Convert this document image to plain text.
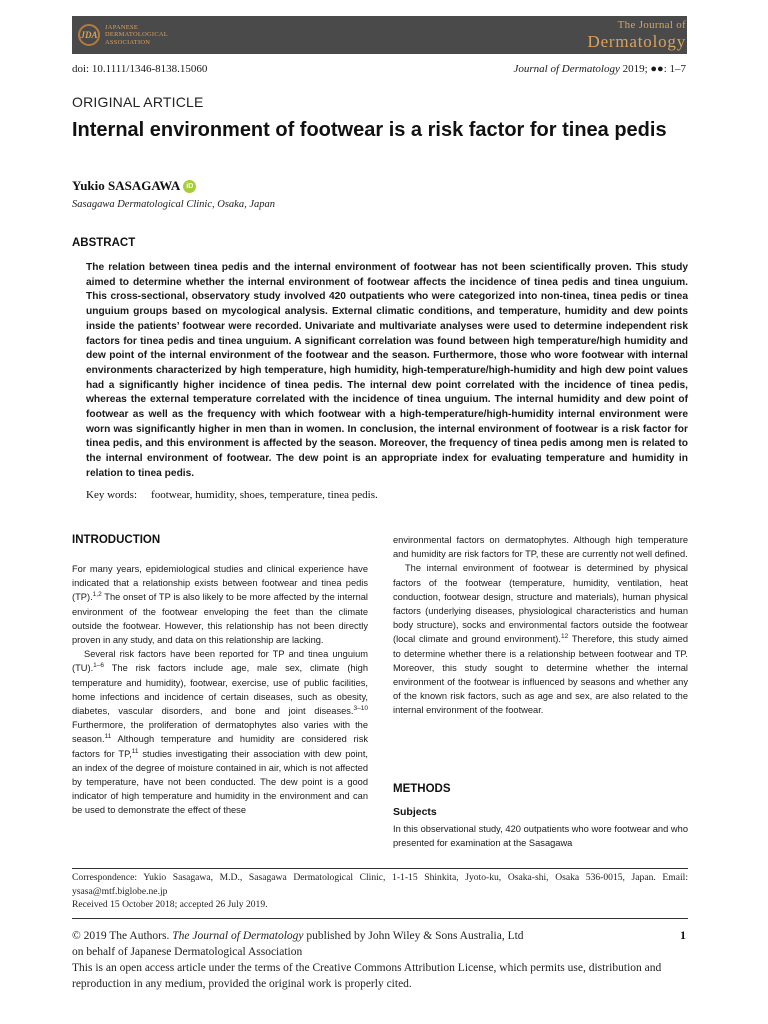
JDA
JAPANESE
DERMATOLOGICAL
ASSOCIATION
The Journal of
Dermatology
doi: 10.1111/1346-8138.15060	Journal of Dermatology 2019; ●●: 1–7
ORIGINAL ARTICLE
Internal environment of footwear is a risk factor for tinea pedis
Yukio SASAGAWA iD
Sasagawa Dermatological Clinic, Osaka, Japan
ABSTRACT
The relation between tinea pedis and the internal environment of footwear has not been scientifically proven. This study aimed to determine whether the internal environment of footwear affects the incidence of tinea pedis and tinea unguium. This cross-sectional, observatory study involved 420 outpatients who were categorized into non-tinea, tinea pedis or tinea unguium groups based on mycological analysis. External climatic conditions, and temperature, humidity and dew points inside the patients’ footwear were recorded. Univariate and multivariate analyses were used to determine independent risk factors for tinea pedis and tinea unguium. A significant correlation was found between high temperature/high humidity and dew point of the internal environment of the footwear and the season. Furthermore, those who wore footwear with internal environments characterized by high temperature, high humidity, high-temperature/high-humidity and high dew point values had a significantly higher incidence of tinea pedis. The internal dew point correlated with the incidence of tinea pedis, whereas the external temperature correlated with the incidence of tinea unguium. The internal humidity and dew point of footwear as well as the frequency with which footwear with a high-temperature/high-humidity internal environment were worn was significantly higher in men than in women. In conclusion, the internal environment of footwear is a risk factor for tinea pedis, and this environment is affected by the season. Moreover, the frequency of tinea pedis among men is related to the internal environment of footwear. The dew point is an appropriate index for evaluating temperature and humidity in relation to tinea pedis.
Key words: footwear, humidity, shoes, temperature, tinea pedis.
INTRODUCTION

For many years, epidemiological studies and clinical experience have indicated that a relationship exists between footwear and tinea pedis (TP).$^{1,2}$ The onset of TP is also likely to be more affected by the internal environment of the footwear enveloping the feet than the climate outside the footwear. However, this relationship has not been directly proven in any study, and data on this relationship are lacking.

Several risk factors have been reported for TP and tinea unguium (TU).$^{1-6}$ The risk factors include age, male sex, climate (high temperature and humidity), footwear, exercise, use of public facilities, home infections and incidence of certain diseases, such as obesity, diabetes, vascular disorders, and bone and joint diseases.$^{3-10}$ Furthermore, the proliferation of dermatophytes also varies with the season.$^{11}$ Although temperature and humidity are considered risk factors for TP,$^{11}$ studies investigating their association with dew point, an index of the degree of moisture contained in air, which is not affected by temperature, have not been conducted. The dew point is a good indicator of high temperature and humidity in the environment and can be used to demonstrate the effect of these

environmental factors on dermatophytes. Although high temperature and humidity are risk factors for TP, these are currently not well defined.

The internal environment of footwear is determined by physical factors of the footwear (temperature, humidity, ventilation, heat conduction, footwear design, structure and materials), human physical factors (underlying diseases, physiological characteristics and human body structure), socks and environmental factors outside the footwear (local climate and ground environment).$^{12}$ Therefore, this study aimed to determine whether there is a relationship between footwear and TP. Moreover, this study sought to determine whether the internal environment of the footwear is influenced by seasons and whether any of the known risk factors, such as age and sex, are also related to the internal environment of the footwear.

METHODS
Subjects
In this observational study, 420 outpatients who wore footwear and who presented for examination at the Sasagawa
Correspondence: Yukio Sasagawa, M.D., Sasagawa Dermatological Clinic, 1-1-15 Shinkita, Jyoto-ku, Osaka-shi, Osaka 536-0015, Japan. Email: ysasa@mtf.biglobe.ne.jp
Received 15 October 2018; accepted 26 July 2019.
© 2019 The Authors. The Journal of Dermatology published by John Wiley & Sons Australia, Ltd
on behalf of Japanese Dermatological Association
This is an open access article under the terms of the Creative Commons Attribution License, which permits use, distribution and reproduction in any medium, provided the original work is properly cited.
1
